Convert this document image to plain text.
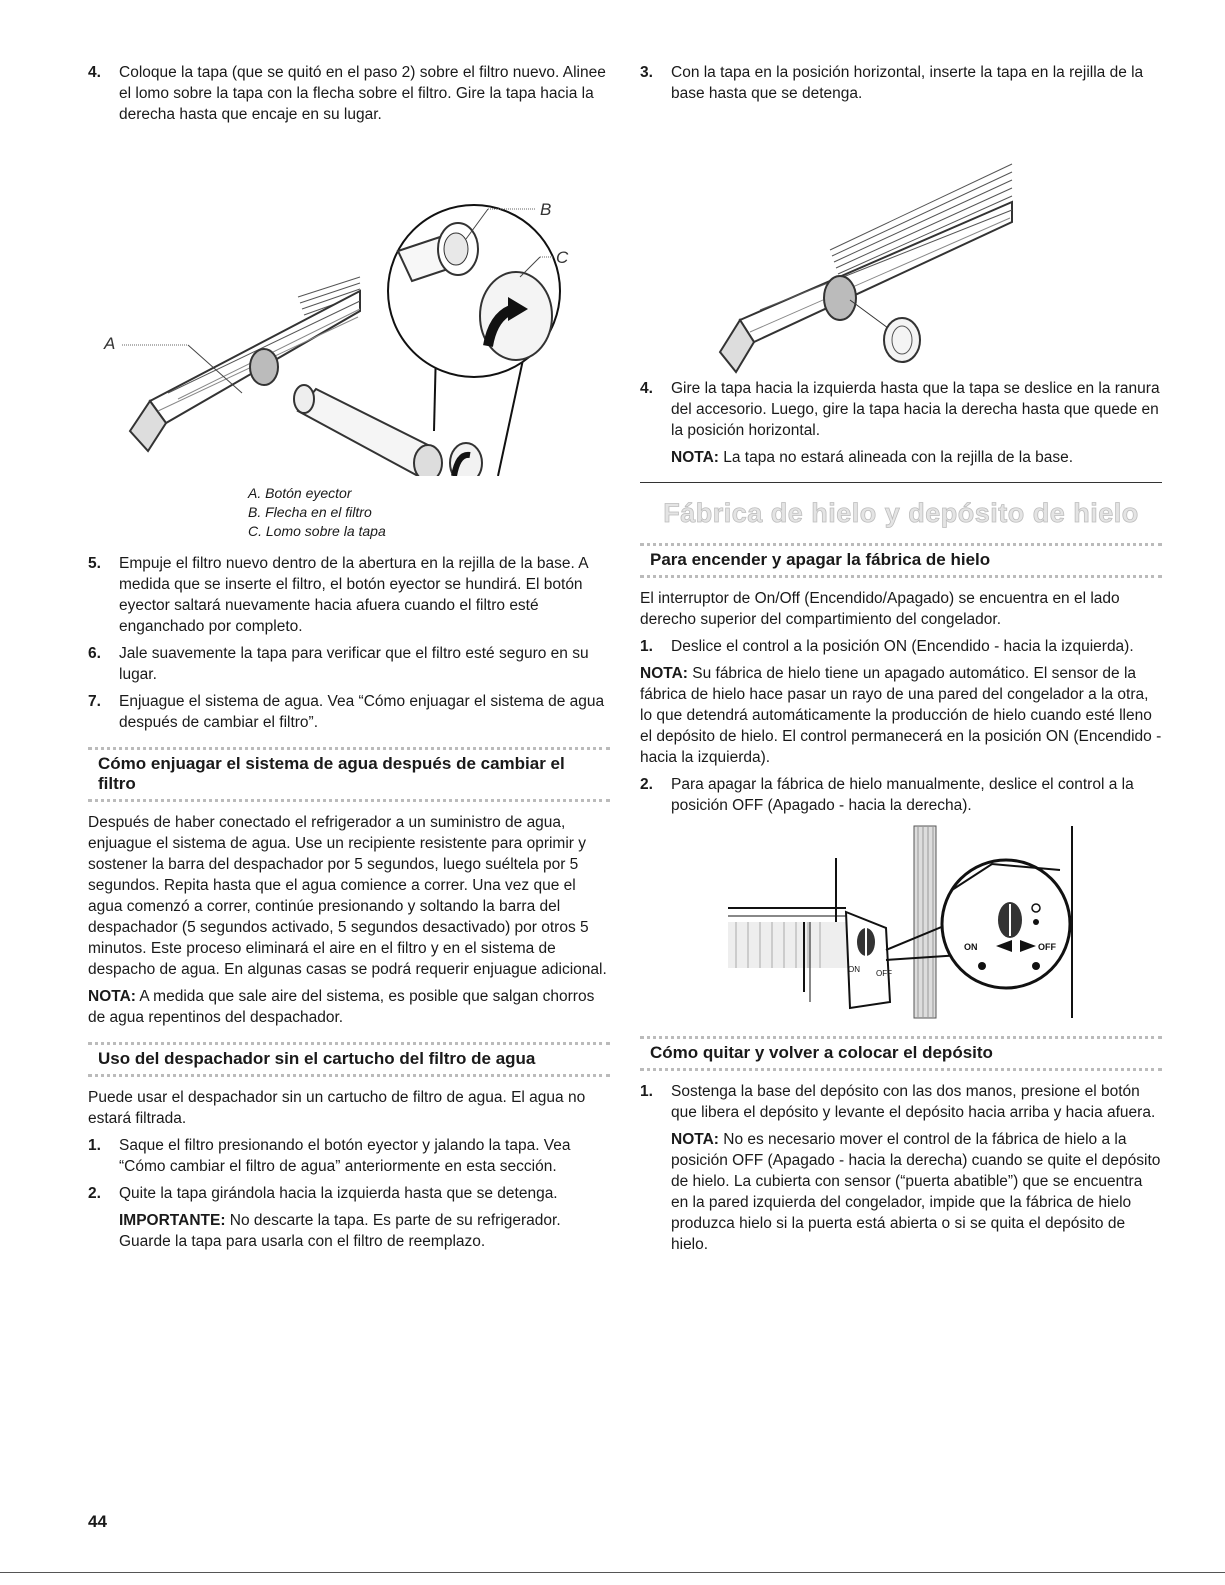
4. Coloque la tapa (que se quitó en el paso 2) sobre el filtro nuevo. Alinee el lomo sobre la tapa con la flecha sobre el filtro. Gire la tapa hacia la derecha hasta que encaje en su lugar.

A
B
C
A. Botón eyector
B. Flecha en el filtro
C. Lomo sobre la tapa
5. Empuje el filtro nuevo dentro de la abertura en la rejilla de la base. A medida que se inserte el filtro, el botón eyector se hundirá. El botón eyector saltará nuevamente hacia afuera cuando el filtro esté enganchado por completo.

6. Jale suavemente la tapa para verificar que el filtro esté seguro en su lugar.

7. Enjuague el sistema de agua. Vea “Cómo enjuagar el sistema de agua después de cambiar el filtro”.

Cómo enjuagar el sistema de agua después de cambiar el filtro

Después de haber conectado el refrigerador a un suministro de agua, enjuague el sistema de agua. Use un recipiente resistente para oprimir y sostener la barra del despachador por 5 segundos, luego suéltela por 5 segundos. Repita hasta que el agua comience a correr. Una vez que el agua comenzó a correr, continúe presionando y soltando la barra del despachador (5 segundos activado, 5 segundos desactivado) por otros 5 minutos. Este proceso eliminará el aire en el filtro y en el sistema de despacho de agua. En algunas casas se podrá requerir enjuague adicional.

NOTA: A medida que sale aire del sistema, es posible que salgan chorros de agua repentinos del despachador.

Uso del despachador sin el cartucho del filtro de agua

Puede usar el despachador sin un cartucho de filtro de agua. El agua no estará filtrada.

1. Saque el filtro presionando el botón eyector y jalando la tapa. Vea “Cómo cambiar el filtro de agua” anteriormente en esta sección.

2. Quite la tapa girándola hacia la izquierda hasta que se detenga.

IMPORTANTE: No descarte la tapa. Es parte de su refrigerador. Guarde la tapa para usarla con el filtro de reemplazo.

3. Con la tapa en la posición horizontal, inserte la tapa en la rejilla de la base hasta que se detenga.

4. Gire la tapa hacia la izquierda hasta que la tapa se deslice en la ranura del accesorio. Luego, gire la tapa hacia la derecha hasta que quede en la posición horizontal.

NOTA: La tapa no estará alineada con la rejilla de la base.

Fábrica de hielo y depósito de hielo
Para encender y apagar la fábrica de hielo

El interruptor de On/Off (Encendido/Apagado) se encuentra en el lado derecho superior del compartimiento del congelador.

1. Deslice el control a la posición ON (Encendido - hacia la izquierda).

NOTA: Su fábrica de hielo tiene un apagado automático. El sensor de la fábrica de hielo hace pasar un rayo de una pared del congelador a la otra, lo que detendrá automáticamente la producción de hielo cuando esté lleno el depósito de hielo. El control permanecerá en la posición ON (Encendido - hacia la izquierda).

2. Para apagar la fábrica de hielo manualmente, deslice el control a la posición OFF (Apagado - hacia la derecha).

ON OFF
ON	OFF
Cómo quitar y volver a colocar el depósito
1. Sostenga la base del depósito con las dos manos, presione el botón que libera el depósito y levante el depósito hacia arriba y hacia afuera.

NOTA: No es necesario mover el control de la fábrica de hielo a la posición OFF (Apagado - hacia la derecha) cuando se quite el depósito de hielo. La cubierta con sensor (“puerta abatible”) que se encuentra en la pared izquierda del congelador, impide que la fábrica de hielo produzca hielo si la puerta está abierta o si se quita el depósito de hielo.

44
